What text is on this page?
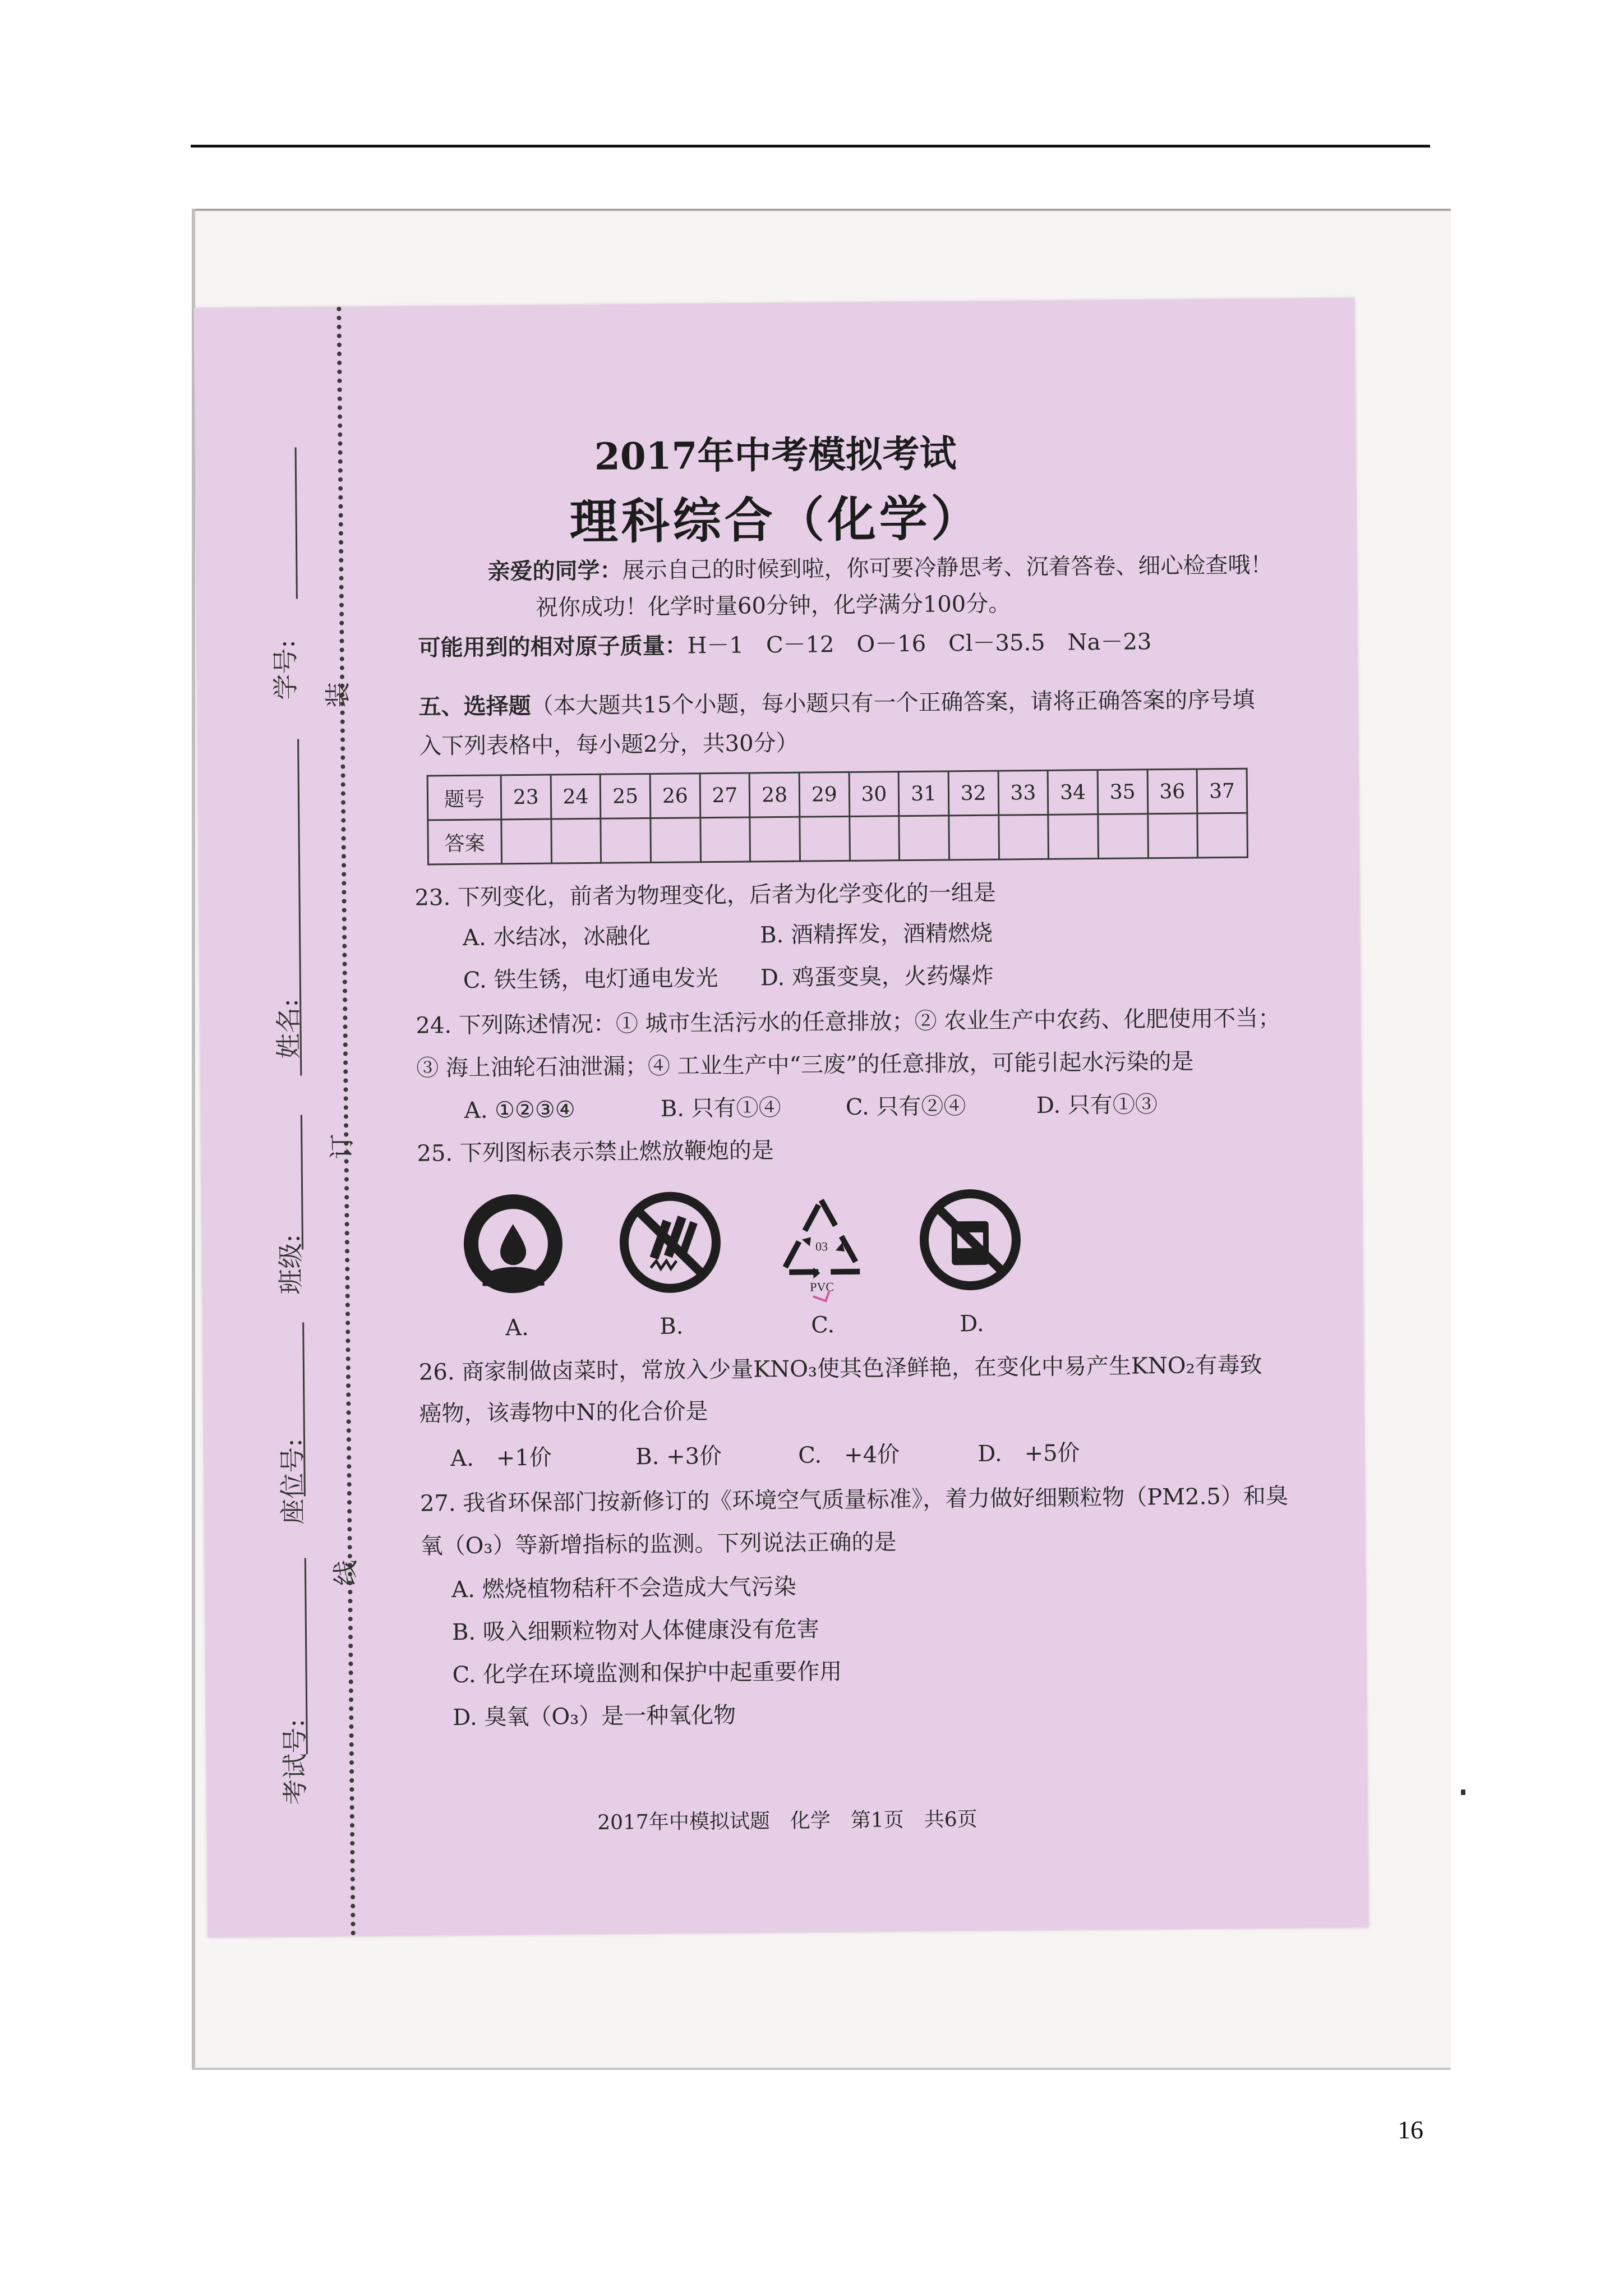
学号: 装
姓名:
订
班级:
座位号:
线
考试号:
2017年中考模拟考试
理科综合（化学）
亲爱的同学：展示自己的时候到啦，你可要冷静思考、沉着答卷、细心检查哦！
祝你成功！化学时量60分钟，化学满分100分。
可能用到的相对原子质量：H－1　C－12　O－16　Cl－35.5　Na－23
五、选择题（本大题共15个小题，每小题只有一个正确答案，请将正确答案的序号填
入下列表格中，每小题2分，共30分）
题号	23	24	25	26	27	28	29	30	31	32	33	34	35	36	37
答案															
23. 下列变化，前者为物理变化，后者为化学变化的一组是
A. 水结冰，冰融化	B. 酒精挥发，酒精燃烧
C. 铁生锈，电灯通电发光 D. 鸡蛋变臭，火药爆炸
24. 下列陈述情况：① 城市生活污水的任意排放；② 农业生产中农药、化肥使用不当；
③ 海上油轮石油泄漏；④ 工业生产中“三废”的任意排放，可能引起水污染的是
A. ①②③④	B. 只有①④	C. 只有②④	D. 只有①③
25. 下列图标表示禁止燃放鞭炮的是
03
PVC
A.	B.	C.	D.
26. 商家制做卤菜时，常放入少量KNO₃使其色泽鲜艳，在变化中易产生KNO₂有毒致
癌物，该毒物中N的化合价是
A.　+1价	B. +3价	C.　+4价	D.　+5价
27. 我省环保部门按新修订的《环境空气质量标准》，着力做好细颗粒物（PM2.5）和臭
氧（O₃）等新增指标的监测。下列说法正确的是
A. 燃烧植物秸秆不会造成大气污染
B. 吸入细颗粒物对人体健康没有危害
C. 化学在环境监测和保护中起重要作用
D. 臭氧（O₃）是一种氧化物
2017年中模拟试题　化学　第1页　共6页
16
